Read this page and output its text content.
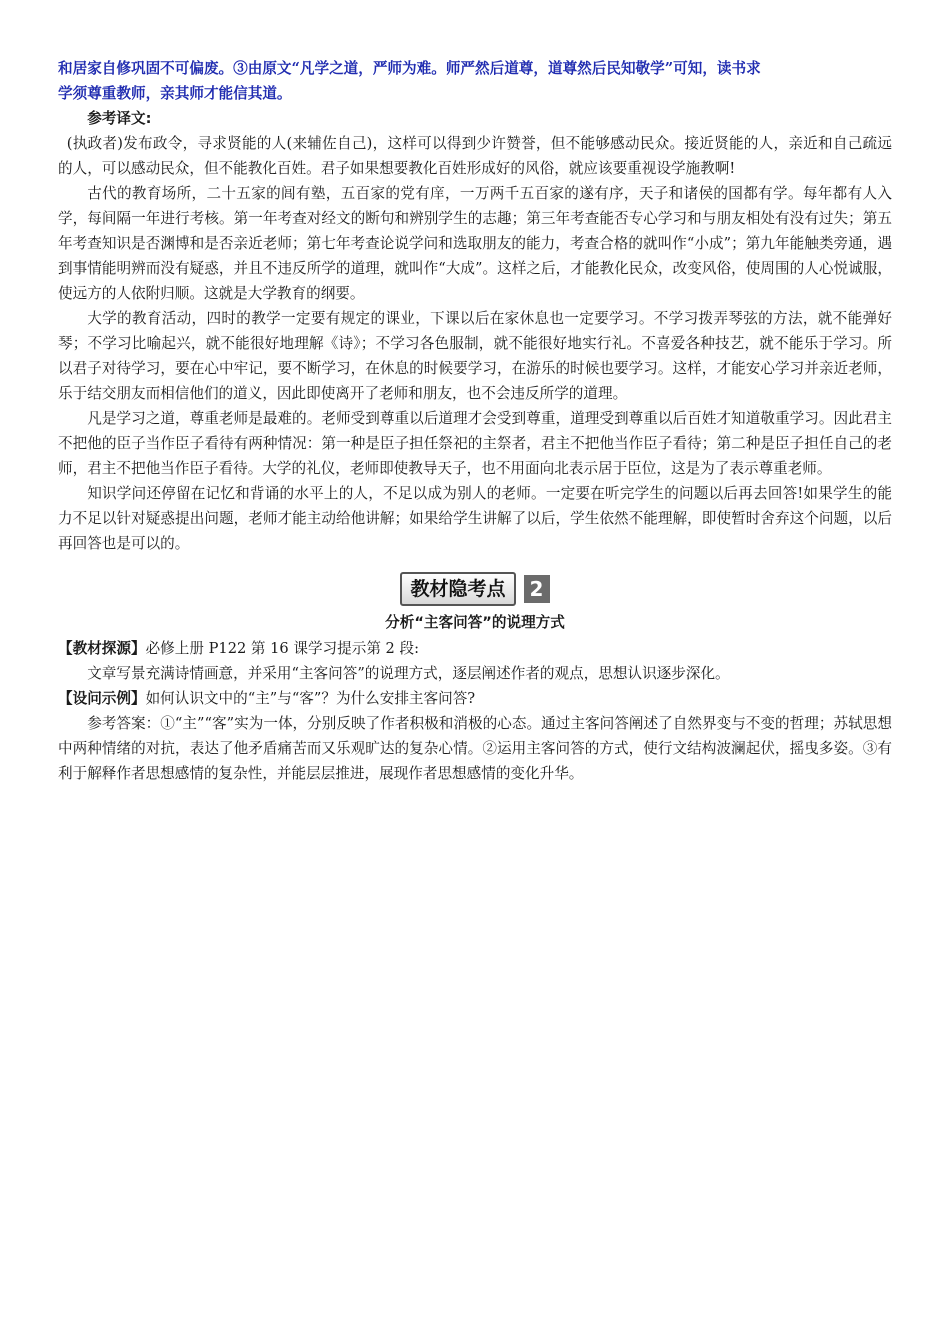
和居家自修巩固不可偏废。③由原文“凡学之道，严师为难。师严然后道尊，道尊然后民知敬学”可知，读书求

学须尊重教师，亲其师才能信其道。

参考译文:

(执政者)发布政令，寻求贤能的人(来辅佐自己)，这样可以得到少许赞誉，但不能够感动民众。接近贤能的人，亲近和自己疏远的人，可以感动民众，但不能教化百姓。君子如果想要教化百姓形成好的风俗，就应该要重视设学施教啊!

古代的教育场所，二十五家的闾有塾，五百家的党有庠，一万两千五百家的遂有序，天子和诸侯的国都有学。每年都有人入学，每间隔一年进行考核。第一年考查对经文的断句和辨别学生的志趣；第三年考查能否专心学习和与朋友相处有没有过失；第五年考查知识是否渊博和是否亲近老师；第七年考查论说学问和选取朋友的能力，考查合格的就叫作“小成”；第九年能触类旁通，遇到事情能明辨而没有疑惑，并且不违反所学的道理，就叫作“大成”。这样之后，才能教化民众，改变风俗，使周围的人心悦诚服，使远方的人依附归顺。这就是大学教育的纲要。

大学的教育活动，四时的教学一定要有规定的课业，下课以后在家休息也一定要学习。不学习拨弄琴弦的方法，就不能弹好琴；不学习比喻起兴，就不能很好地理解《诗》；不学习各色服制，就不能很好地实行礼。不喜爱各种技艺，就不能乐于学习。所以君子对待学习，要在心中牢记，要不断学习，在休息的时候要学习，在游乐的时候也要学习。这样，才能安心学习并亲近老师，乐于结交朋友而相信他们的道义，因此即使离开了老师和朋友，也不会违反所学的道理。

凡是学习之道，尊重老师是最难的。老师受到尊重以后道理才会受到尊重，道理受到尊重以后百姓才知道敬重学习。因此君主不把他的臣子当作臣子看待有两种情况：第一种是臣子担任祭祀的主祭者，君主不把他当作臣子看待；第二种是臣子担任自己的老师，君主不把他当作臣子看待。大学的礼仪，老师即使教导天子，也不用面向北表示居于臣位，这是为了表示尊重老师。

知识学问还停留在记忆和背诵的水平上的人，不足以成为别人的老师。一定要在听完学生的问题以后再去回答!如果学生的能力不足以针对疑惑提出问题，老师才能主动给他讲解；如果给学生讲解了以后，学生依然不能理解，即使暂时舍弃这个问题，以后再回答也是可以的。

教材隐考点	2
分析“主客问答”的说理方式

【教材探源】必修上册 P122 第 16 课学习提示第 2 段:

文章写景充满诗情画意，并采用“主客问答”的说理方式，逐层阐述作者的观点，思想认识逐步深化。

【设问示例】如何认识文中的“主”与“客”？为什么安排主客问答?

参考答案：①“主”“客”实为一体，分别反映了作者积极和消极的心态。通过主客问答阐述了自然界变与不变的哲理；苏轼思想中两种情绪的对抗，表达了他矛盾痛苦而又乐观旷达的复杂心情。②运用主客问答的方式，使行文结构波澜起伏，摇曳多姿。③有利于解释作者思想感情的复杂性，并能层层推进，展现作者思想感情的变化升华。
